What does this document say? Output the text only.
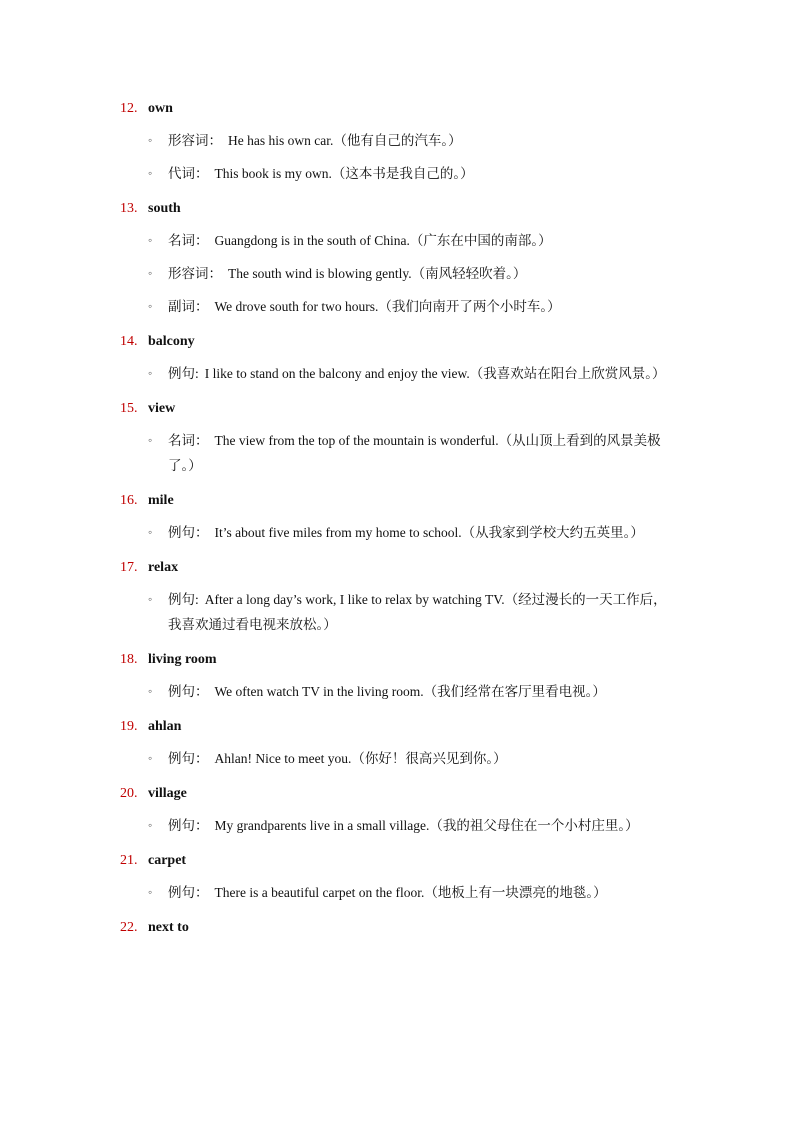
12. own
◦	形容词： He has his own car.（他有自己的汽车。）
◦	代词： This book is my own.（这本书是我自己的。）
13. south
◦	名词： Guangdong is in the south of China.（广东在中国的南部。）
◦	形容词： The south wind is blowing gently.（南风轻轻吹着。）
◦	副词： We drove south for two hours.（我们向南开了两个小时车。）
14. balcony
◦	例句: I like to stand on the balcony and enjoy the view.（我喜欢站在阳台上欣赏风景。）
15. view
◦	名词： The view from the top of the mountain is wonderful.（从山顶上看到的风景美极了。）
16. mile
◦	例句： It’s about five miles from my home to school.（从我家到学校大约五英里。）
17. relax
◦	例句: After a long day’s work, I like to relax by watching TV.（经过漫长的一天工作后，我喜欢通过看电视来放松。）
18. living room
◦	例句： We often watch TV in the living room.（我们经常在客厅里看电视。）
19. ahlan
◦	例句： Ahlan! Nice to meet you.（你好！很高兴见到你。）
20. village
◦	例句： My grandparents live in a small village.（我的祖父母住在一个小村庄里。）
21. carpet
◦	例句： There is a beautiful carpet on the floor.（地板上有一块漂亮的地毯。）
22. next to
